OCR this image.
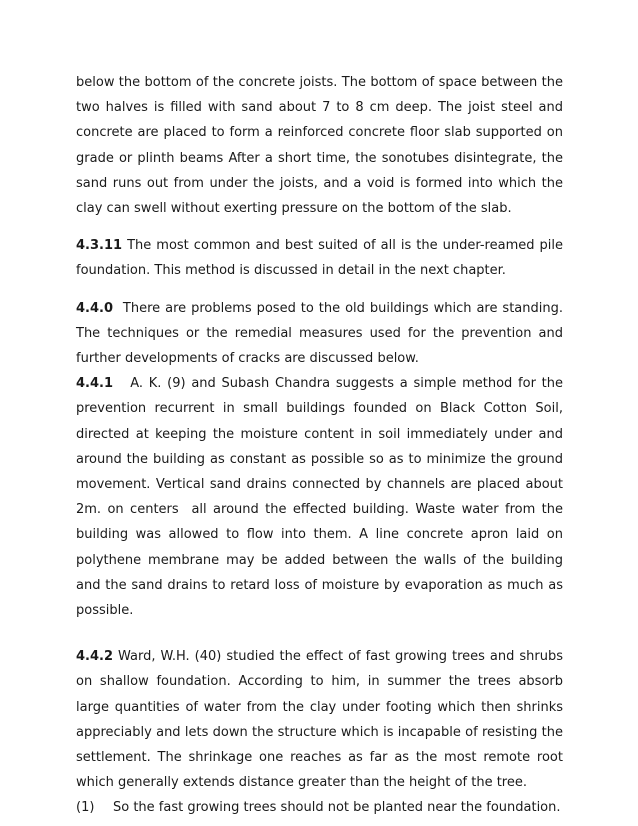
below the bottom of the concrete joists. The bottom of space between the two halves is filled with sand about 7 to 8 cm deep. The joist steel and concrete are placed to form a reinforced concrete floor slab supported on grade or plinth beams After a short time, the sonotubes disintegrate, the sand runs out from under the joists, and a void is formed into which the clay can swell without exerting pressure on the bottom of the slab.

4.3.11 The most common and best suited of all is the under-reamed pile foundation. This method is discussed in detail in the next chapter.

4.4.0  There are problems posed to the old buildings which are standing. The techniques or the remedial measures used for the prevention and further developments of cracks are discussed below.

4.4.1   A. K. (9) and Subash Chandra suggests a simple method for the prevention recurrent in small buildings founded on Black Cotton Soil, directed at keeping the moisture content in soil immediately under and around the building as constant as possible so as to minimize the ground movement. Vertical sand drains connected by channels are placed about 2m. on centers  all around the effected building. Waste water from the building was allowed to flow into them. A line concrete apron laid on polythene membrane may be added between the walls of the building and the sand drains to retard loss of moisture by evaporation as much as possible.

4.4.2 Ward, W.H. (40) studied the effect of fast growing trees and shrubs on shallow foundation. According to him, in summer the trees absorb large quantities of water from the clay under footing which then shrinks appreciably and lets down the structure which is incapable of resisting the settlement. The shrinkage one reaches as far as the most remote root which generally extends distance greater than the height of the tree.

(1)	So the fast growing trees should not be planted near the foundation.
